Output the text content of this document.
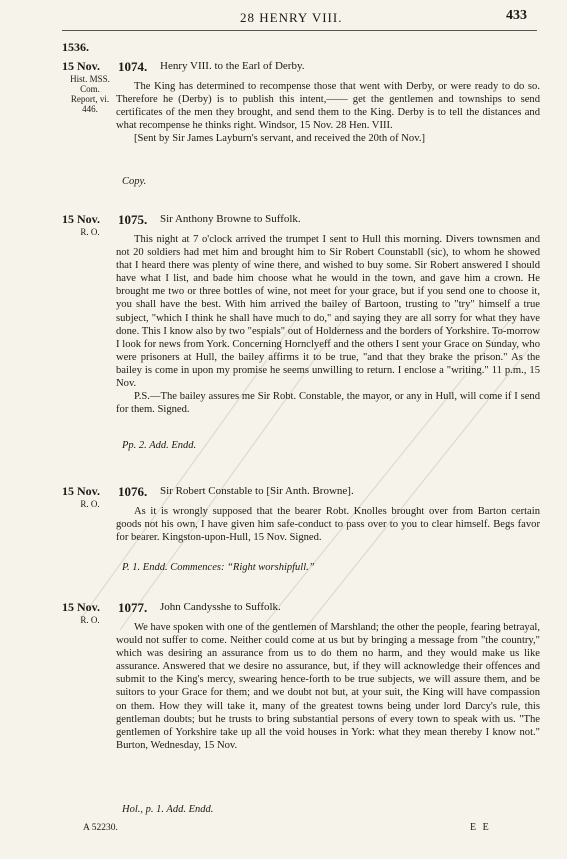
28 HENRY VIII.	433
1536.
15 Nov.
Hist. MSS.
Com.
Report, vi.
446.
1074. Henry VIII. to the Earl of Derby.

The King has determined to recompense those that went with Derby, or were ready to do so. Therefore he (Derby) is to publish this intent,—— get the gentlemen and townships to send certificates of the men they brought, and send them to the King. Derby is to tell the distances and what recompense he thinks right. Windsor, 15 Nov. 28 Hen. VIII.

[Sent by Sir James Layburn's servant, and received the 20th of Nov.]

Copy.
15 Nov.
R. O.
1075. Sir Anthony Browne to Suffolk.

This night at 7 o'clock arrived the trumpet I sent to Hull this morning. Divers townsmen and not 20 soldiers had met him and brought him to Sir Robert Counstabll (sic), to whom he showed that I heard there was plenty of wine there, and wished to buy some. Sir Robert answered I should have what I list, and bade him choose what he would in the town, and gave him a crown. He brought me two or three bottles of wine, not meet for your grace, but if you send one to choose it, you shall have the best. With him arrived the bailey of Bartoon, trusting to "try" himself a true subject, "which I think he shall have much to do," and saying they are all sorry for what they have done. This I know also by two "espials" out of Holderness and the borders of Yorkshire. To-morrow I look for news from York. Concerning Hornclyeff and the others I sent your Grace on Sunday, who were prisoners at Hull, the bailey affirms it to be true, "and that they brake the prison." As the bailey is come in upon my promise he seems unwilling to return. I enclose a "writing." 11 p.m., 15 Nov.

P.S.—The bailey assures me Sir Robt. Constable, the mayor, or any in Hull, will come if I send for them. Signed.

Pp. 2. Add. Endd.
15 Nov.
R. O.
1076. Sir Robert Constable to [Sir Anth. Browne].

As it is wrongly supposed that the bearer Robt. Knolles brought over from Barton certain goods not his own, I have given him safe-conduct to pass over to you to clear himself. Begs favor for bearer. Kingston-upon-Hull, 15 Nov. Signed.

P. 1. Endd. Commences: “Right worshipfull.”
15 Nov.
R. O.
1077. John Candysshe to Suffolk.

We have spoken with one of the gentlemen of Marshland; the other the people, fearing betrayal, would not suffer to come. Neither could come at us but by bringing a message from "the country," which was desiring an assurance from us to do them no harm, and they would make us like assurance. Answered that we desire no assurance, but, if they will acknowledge their offences and submit to the King's mercy, swearing hence-forth to be true subjects, we will assure them, and be suitors to your Grace for them; and we doubt not but, at your suit, the King will have compassion on them. How they will take it, many of the greatest towns being under lord Darcy's rule, this gentleman doubts; but he trusts to bring substantial persons of every town to speak with us. "The gentlemen of Yorkshire take up all the void houses in York: what they mean thereby I know not." Burton, Wednesday, 15 Nov.

Hol., p. 1. Add. Endd.
A 52230.	E E
